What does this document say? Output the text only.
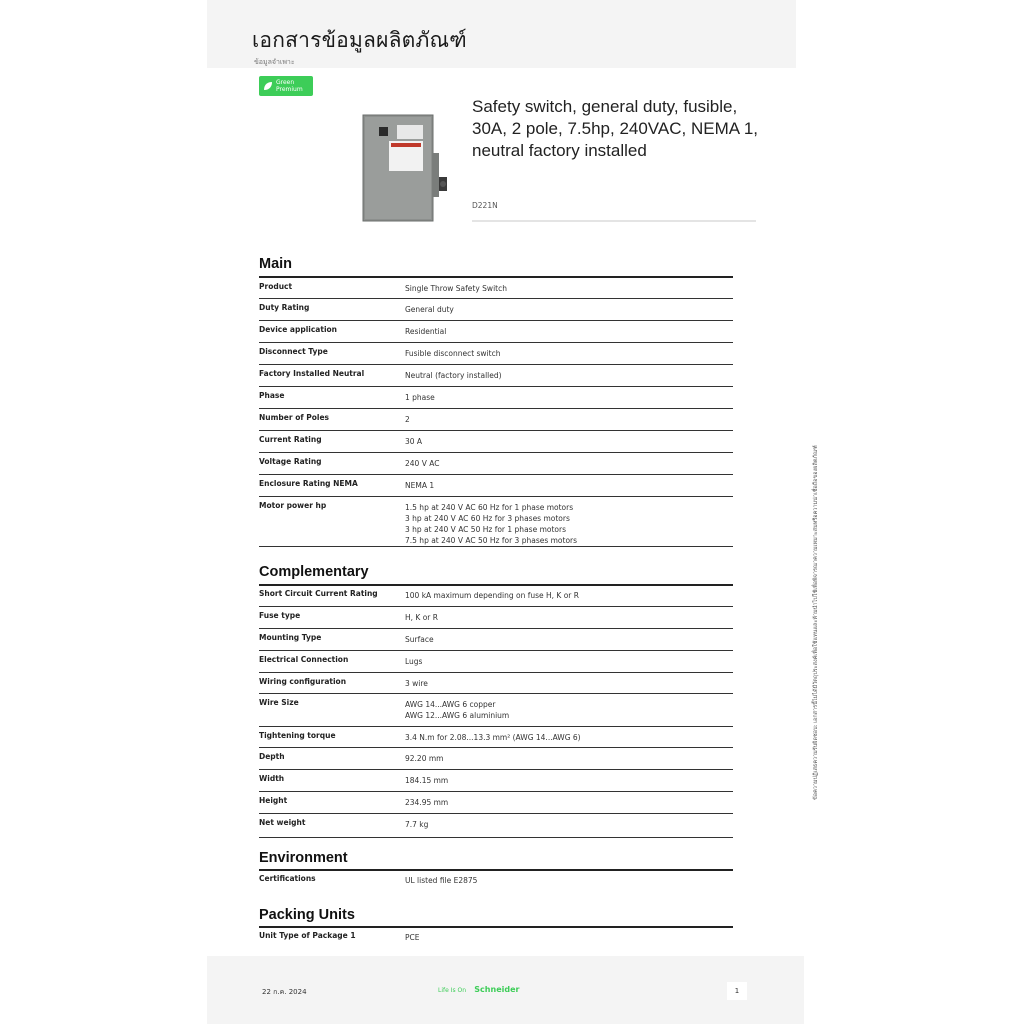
เอกสารข้อมูลผลิตภัณฑ์
ข้อมูลจำเพาะ
Green
Premium
Safety switch, general duty, fusible, 30A, 2 pole, 7.5hp, 240VAC, NEMA 1, neutral factory installed
D221N
Main
Product	Single Throw Safety Switch
Duty Rating	General duty
Device application	Residential
Disconnect Type	Fusible disconnect switch
Factory Installed Neutral	Neutral (factory installed)
Phase	1 phase
Number of Poles	2
Current Rating	30 A
Voltage Rating	240 V AC
Enclosure Rating NEMA	NEMA 1
Motor power hp	1.5 hp at 240 V AC 60 Hz for 1 phase motors
3 hp at 240 V AC 60 Hz for 3 phases motors
3 hp at 240 V AC 50 Hz for 1 phase motors
7.5 hp at 240 V AC 50 Hz for 3 phases motors
Complementary
Short Circuit Current Rating	100 kA maximum depending on fuse H, K or R
Fuse type	H, K or R
Mounting Type	Surface
Electrical Connection	Lugs
Wiring configuration	3 wire
Wire Size	AWG 14...AWG 6 copper
AWG 12...AWG 6 aluminium
Tightening torque	3.4 N.m for 2.08...13.3 mm² (AWG 14...AWG 6)
Depth	92.20 mm
Width	184.15 mm
Height	234.95 mm
Net weight	7.7 kg
Environment
Certifications	UL listed file E2875
Packing Units
Unit Type of Package 1	PCE
22 ก.ค. 2024	Life Is On Schneider	1
ข้อความปฏิเสธความรับผิดชอบ: เอกสารนี้ไม่ได้มีวัตถุประสงค์เพื่อใช้แทนและห้ามนำไปใช้เพื่อพิจารณาความเหมาะสมหรือความน่าเชื่อถือของผลิตภัณฑ์
